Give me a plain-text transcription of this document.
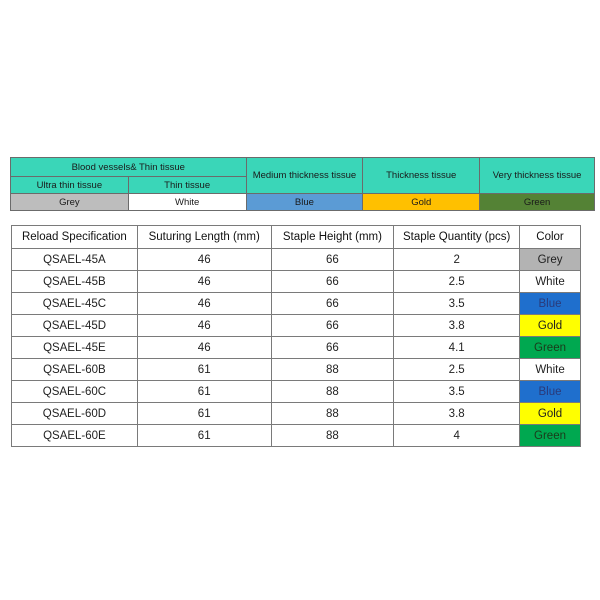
Blood vessels& Thin tissue		Medium thickness tissue	Thickness tissue	Very thickness tissue
Ultra thin tissue	Thin tissue			
Grey	White	Blue	Gold	Green
Reload Specification	Suturing Length (mm)	Staple Height (mm)	Staple Quantity (pcs)	Color
QSAEL-45A	46	66	2	Grey
QSAEL-45B	46	66	2.5	White
QSAEL-45C	46	66	3.5	Blue
QSAEL-45D	46	66	3.8	Gold
QSAEL-45E	46	66	4.1	Green
QSAEL-60B	61	88	2.5	White
QSAEL-60C	61	88	3.5	Blue
QSAEL-60D	61	88	3.8	Gold
QSAEL-60E	61	88	4	Green
